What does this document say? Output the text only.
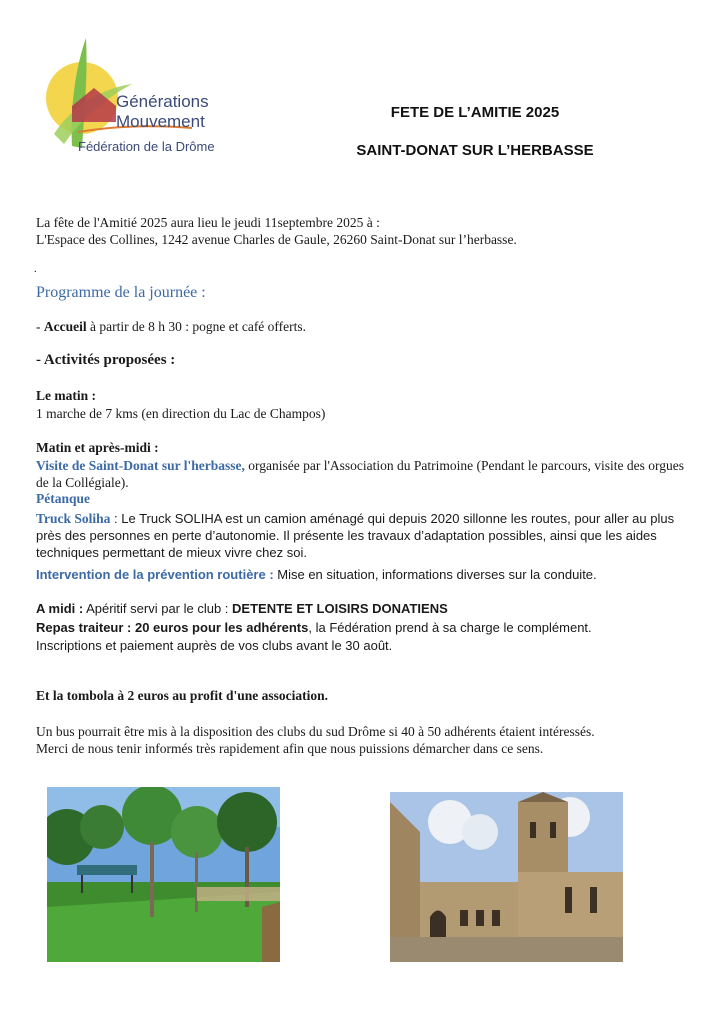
Générations
Mouvement
Fédération de la Drôme
FETE DE L’AMITIE 2025
SAINT-DONAT SUR L’HERBASSE
La fête de l'Amitié 2025 aura lieu le jeudi 11septembre 2025 à :
L'Espace des Collines, 1242 avenue Charles de Gaule, 26260 Saint-Donat sur l’herbasse.
.
Programme de la journée :
- Accueil à partir de 8 h 30 : pogne et café offerts.
- Activités proposées :
Le matin :
1 marche de 7 kms (en direction du Lac de Champos)
Matin et après-midi :
Visite de Saint-Donat sur l'herbasse, organisée par l'Association du Patrimoine (Pendant le parcours, visite des orgues de la Collégiale).
Pétanque
Truck Soliha : Le Truck SOLIHA est un camion aménagé qui depuis 2020 sillonne les routes, pour aller au plus près des personnes en perte d’autonomie. Il présente les travaux d’adaptation possibles, ainsi que les aides techniques permettant de mieux vivre chez soi.
Intervention de la prévention routière : Mise en situation, informations diverses sur la conduite.
A midi : Apéritif servi par le club : DETENTE ET LOISIRS DONATIENS
Repas traiteur : 20 euros pour les adhérents, la Fédération prend à sa charge le complément.
Inscriptions et paiement auprès de vos clubs avant le 30 août.
Et la tombola à 2 euros au profit d'une association.
Un bus pourrait être mis à la disposition des clubs du sud Drôme si 40 à 50 adhérents étaient intéressés.
Merci de nous tenir informés très rapidement afin que nous puissions démarcher dans ce sens.
